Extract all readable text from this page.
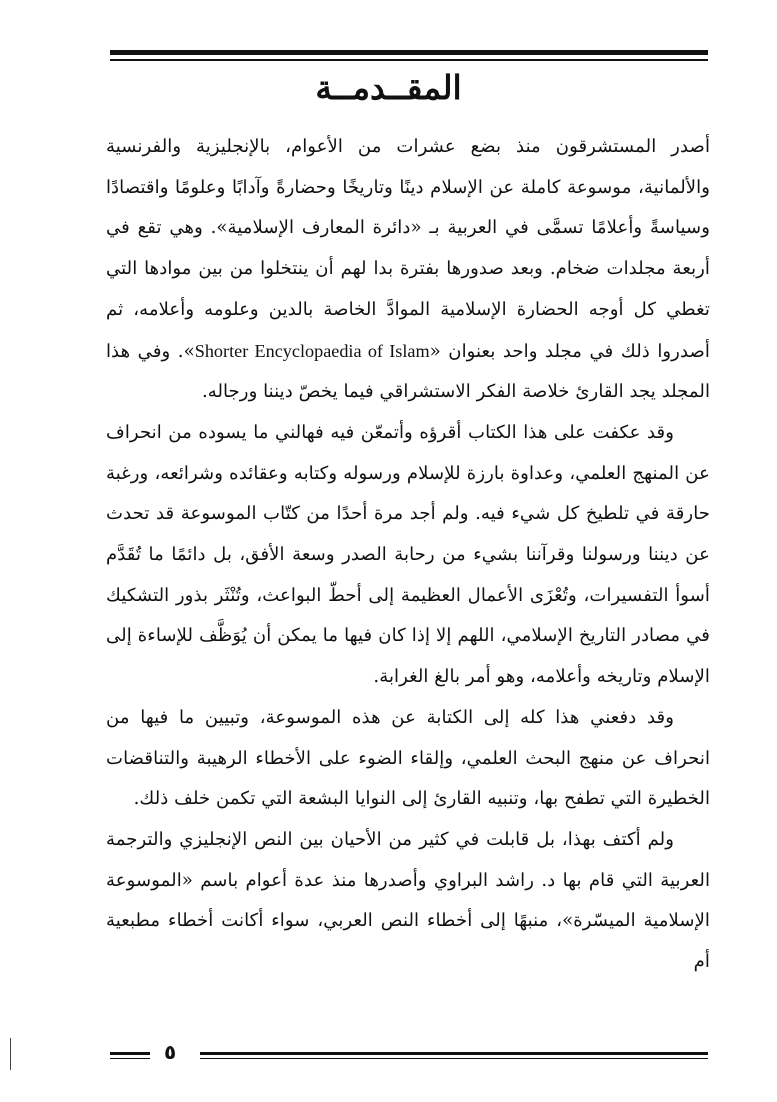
المقــدمــة

أصدر المستشرقون منذ بضع عشرات من الأعوام، بالإنجليزية والفرنسية والألمانية، موسوعة كاملة عن الإسلام دينًا وتاريخًا وحضارةً وآدابًا وعلومًا واقتصادًا وسياسةً وأعلامًا تسمَّى في العربية بـ «دائرة المعارف الإسلامية». وهي تقع في أربعة مجلدات ضخام. وبعد صدورها بفترة بدا لهم أن ينتخلوا من بين موادها التي تغطي كل أوجه الحضارة الإسلامية الموادَّ الخاصة بالدين وعلومه وأعلامه، ثم أصدروا ذلك في مجلد واحد بعنوان «Shorter Encyclopaedia of Islam». وفي هذا المجلد يجد القارئ خلاصة الفكر الاستشراقي فيما يخصّ ديننا ورجاله.

وقد عكفت على هذا الكتاب أقرؤه وأتمعّن فيه فهالني ما يسوده من انحراف عن المنهج العلمي، وعداوة بارزة للإسلام ورسوله وكتابه وعقائده وشرائعه، ورغبة حارقة في تلطيخ كل شيء فيه. ولم أجد مرة أحدًا من كتّاب الموسوعة قد تحدث عن ديننا ورسولنا وقرآننا بشيء من رحابة الصدر وسعة الأفق، بل دائمًا ما تُقَدَّم أسوأ التفسيرات، وتُعْزَى الأعمال العظيمة إلى أحطّ البواعث، وتُنْثَر بذور التشكيك في مصادر التاريخ الإسلامي، اللهم إلا إذا كان فيها ما يمكن أن يُوَظَّف للإساءة إلى الإسلام وتاريخه وأعلامه، وهو أمر بالغ الغرابة.

وقد دفعني هذا كله إلى الكتابة عن هذه الموسوعة، وتبيين ما فيها من انحراف عن منهج البحث العلمي، وإلقاء الضوء على الأخطاء الرهيبة والتناقضات الخطيرة التي تطفح بها، وتنبيه القارئ إلى النوايا البشعة التي تكمن خلف ذلك.

ولم أكتف بهذا، بل قابلت في كثير من الأحيان بين النص الإنجليزي والترجمة العربية التي قام بها د. راشد البراوي وأصدرها منذ عدة أعوام باسم «الموسوعة الإسلامية الميسّرة»، منبهًا إلى أخطاء النص العربي، سواء أكانت أخطاء مطبعية أم

٥
